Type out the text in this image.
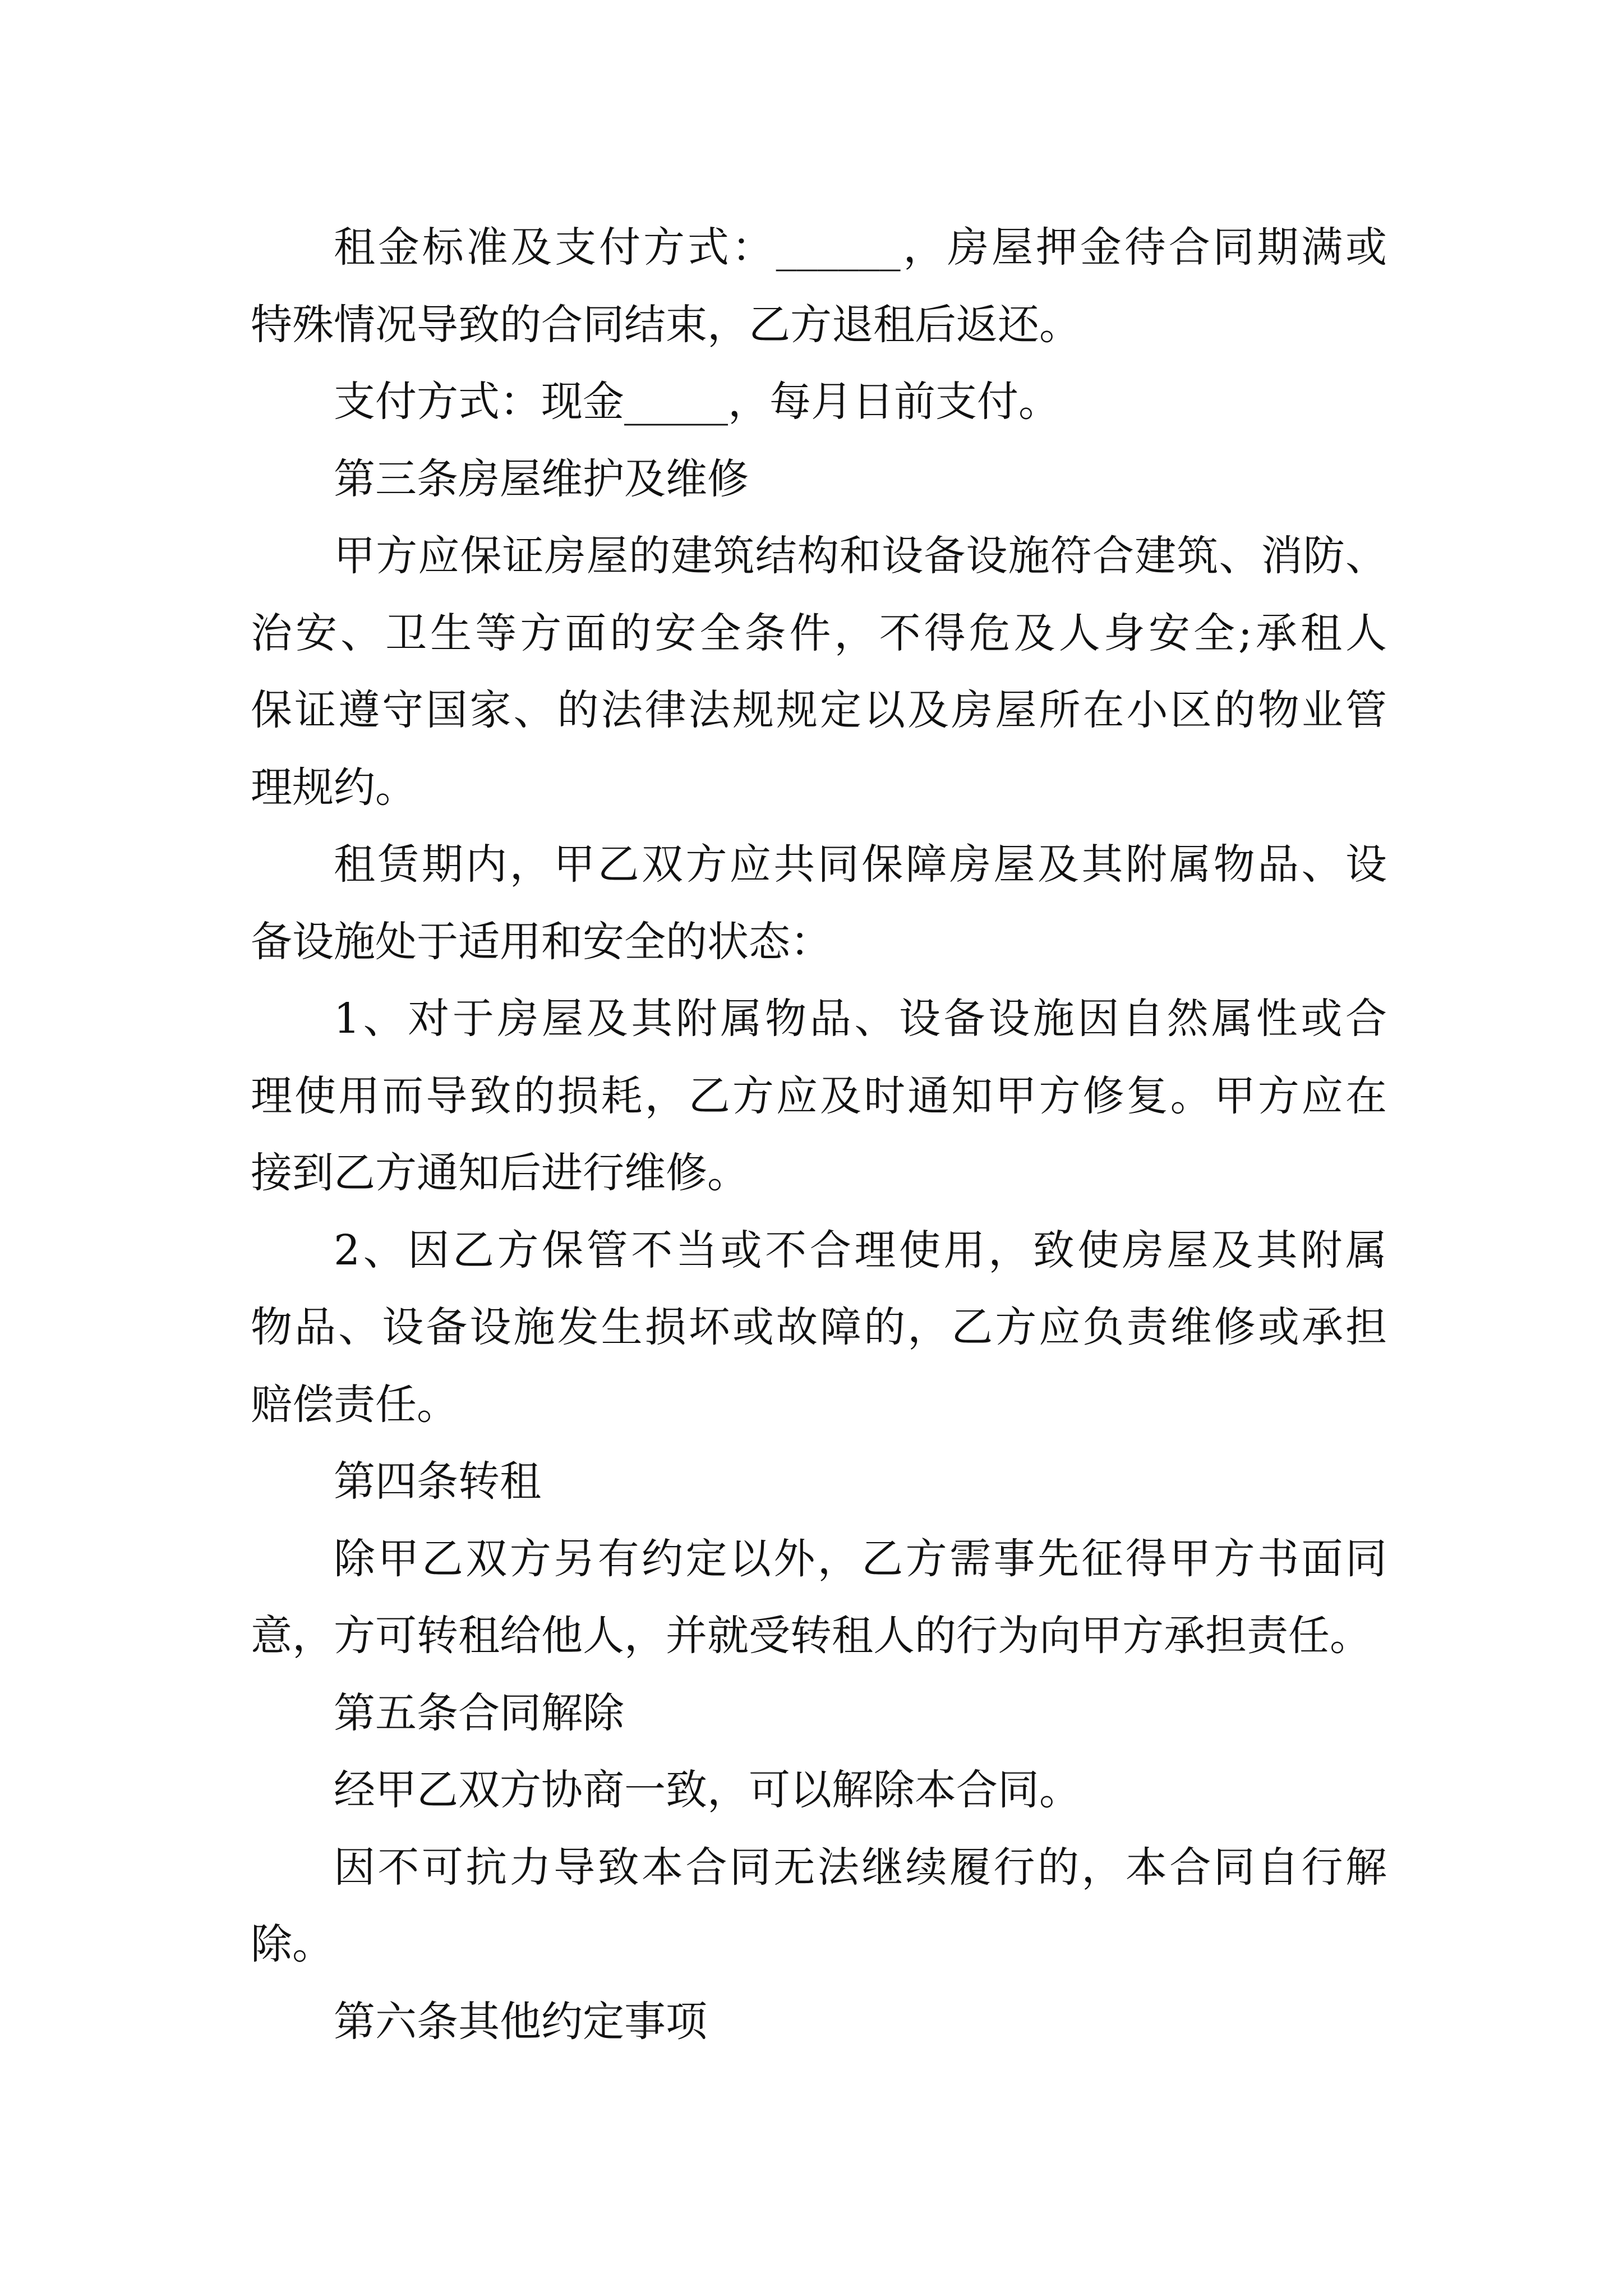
租金标准及支付方式：______，房屋押金待合同期满或
特殊情况导致的合同结束，乙方退租后返还。
支付方式：现金_____，每月日前支付。
第三条房屋维护及维修
甲方应保证房屋的建筑结构和设备设施符合建筑、消防、
治安、卫生等方面的安全条件，不得危及人身安全;承租人
保证遵守国家、的法律法规规定以及房屋所在小区的物业管
理规约。
租赁期内，甲乙双方应共同保障房屋及其附属物品、设
备设施处于适用和安全的状态：
1、对于房屋及其附属物品、设备设施因自然属性或合
理使用而导致的损耗，乙方应及时通知甲方修复。甲方应在
接到乙方通知后进行维修。
2、因乙方保管不当或不合理使用，致使房屋及其附属
物品、设备设施发生损坏或故障的，乙方应负责维修或承担
赔偿责任。
第四条转租
除甲乙双方另有约定以外，乙方需事先征得甲方书面同
意，方可转租给他人，并就受转租人的行为向甲方承担责任。
第五条合同解除
经甲乙双方协商一致，可以解除本合同。
因不可抗力导致本合同无法继续履行的，本合同自行解
除。
第六条其他约定事项
